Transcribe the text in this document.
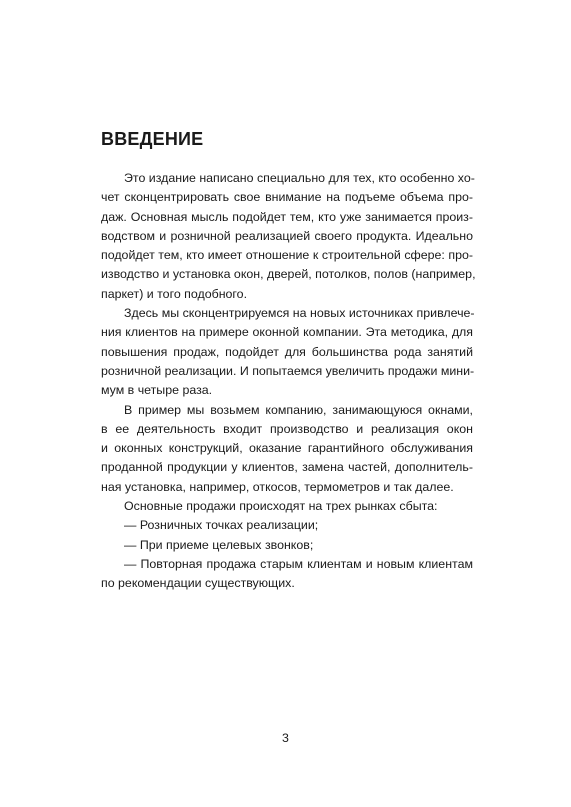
ВВЕДЕНИЕ
Это издание написано специально для тех, кто особенно хо-
чет сконцентрировать свое внимание на подъеме объема про-
даж. Основная мысль подойдет тем, кто уже занимается произ-
водством и розничной реализацией своего продукта. Идеально
подойдет тем, кто имеет отношение к строительной сфере: про-
изводство и установка окон, дверей, потолков, полов (например,
паркет) и того подобного.
Здесь мы сконцентрируемся на новых источниках привлече-
ния клиентов на примере оконной компании. Эта методика, для
повышения продаж, подойдет для большинства рода занятий
розничной реализации. И попытаемся увеличить продажи мини-
мум в четыре раза.
В пример мы возьмем компанию, занимающуюся окнами,
в ее деятельность входит производство и реализация окон
и оконных конструкций, оказание гарантийного обслуживания
проданной продукции у клиентов, замена частей, дополнитель-
ная установка, например, откосов, термометров и так далее.
Основные продажи происходят на трех рынках сбыта:
— Розничных точках реализации;
— При приеме целевых звонков;
— Повторная продажа старым клиентам и новым клиентам
по рекомендации существующих.
3
